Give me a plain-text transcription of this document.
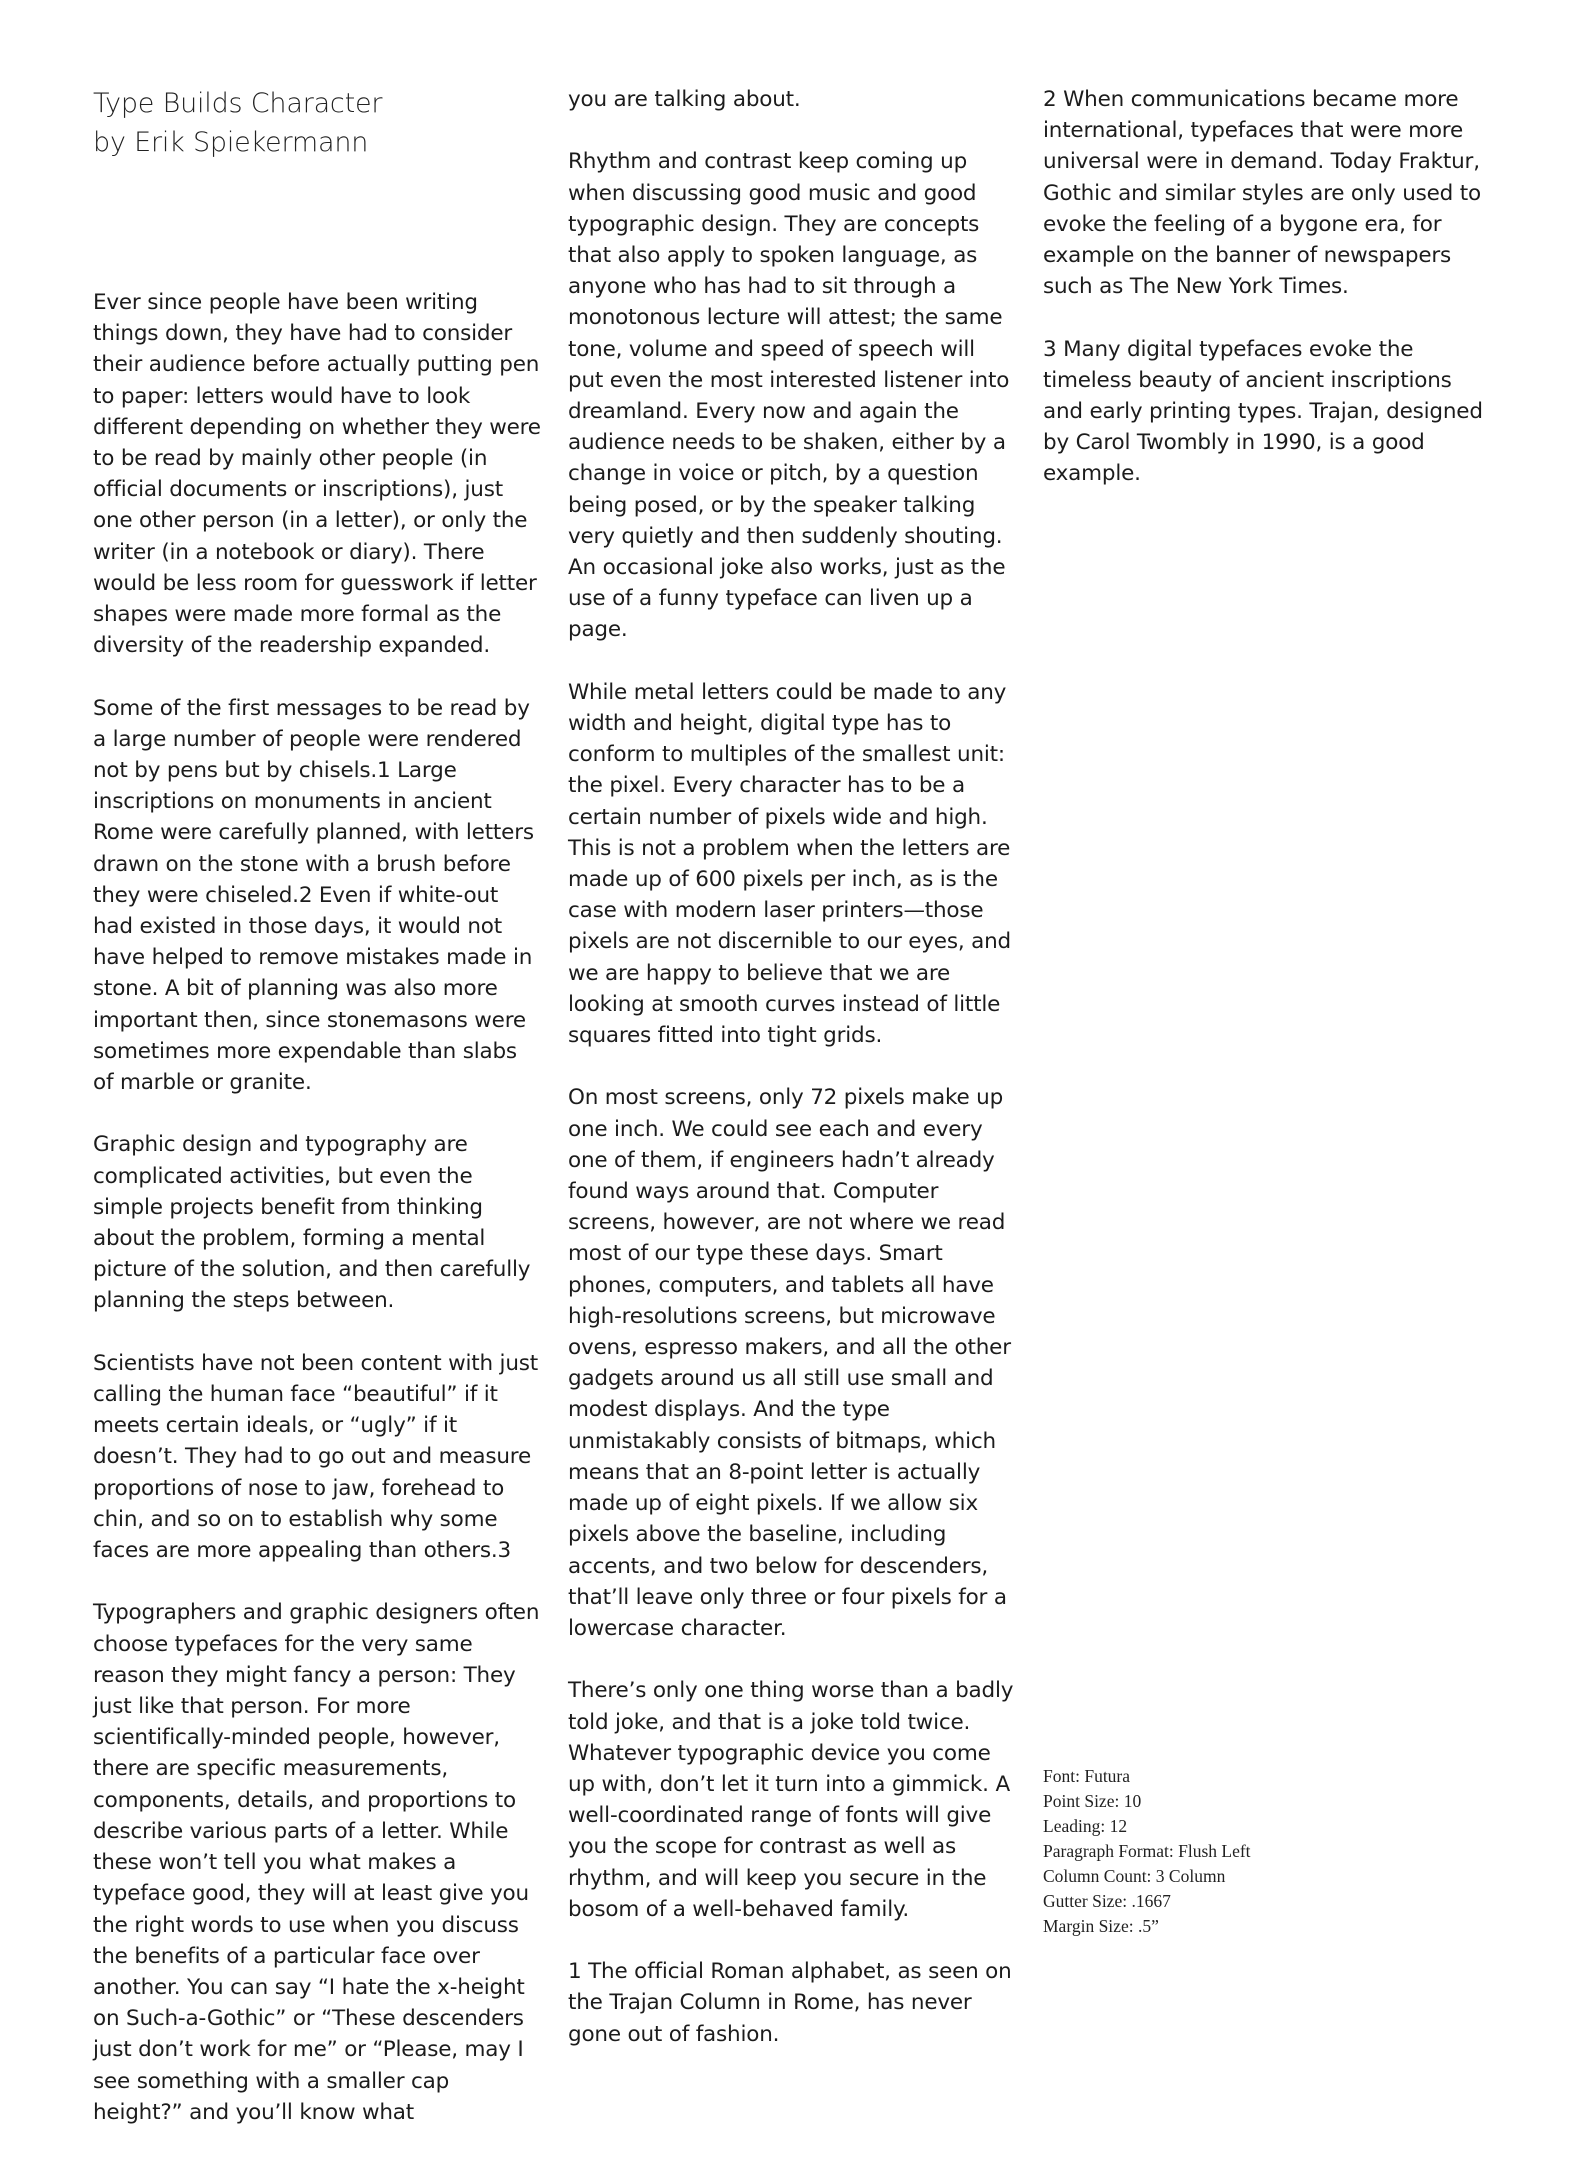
Type Builds Character
by Erik Spiekermann

Ever since people have been writing things down, they have had to consider their audience before actually putting pen to paper: letters would have to look different depending on whether they were to be read by mainly other people (in official documents or inscriptions), just one other person (in a letter), or only the writer (in a notebook or diary). There would be less room for guesswork if letter shapes were made more formal as the diversity of the readership expanded.

Some of the first messages to be read by a large number of people were rendered not by pens but by chisels.1 Large inscriptions on monuments in ancient Rome were carefully planned, with letters drawn on the stone with a brush before they were chiseled.2 Even if white-out had existed in those days, it would not have helped to remove mistakes made in stone. A bit of planning was also more important then, since stonemasons were sometimes more expendable than slabs of marble or granite.

Graphic design and typography are complicated activities, but even the simple projects benefit from thinking about the problem, forming a mental picture of the solution, and then carefully planning the steps between.

Scientists have not been content with just calling the human face “beautiful” if it meets certain ideals, or “ugly” if it doesn’t. They had to go out and measure proportions of nose to jaw, forehead to chin, and so on to establish why some faces are more appealing than others.3

Typographers and graphic designers often choose typefaces for the very same reason they might fancy a person: They just like that person. For more scientifically-minded people, however, there are specific measurements, components, details, and proportions to describe various parts of a letter. While these won’t tell you what makes a typeface good, they will at least give you the right words to use when you discuss the benefits of a particular face over another. You can say “I hate the x-height on Such-a-Gothic” or “These descenders just don’t work for me” or “Please, may I see something with a smaller cap height?” and you’ll know what

you are talking about.

Rhythm and contrast keep coming up when discussing good music and good typographic design. They are concepts that also apply to spoken language, as anyone who has had to sit through a monotonous lecture will attest; the same tone, volume and speed of speech will put even the most interested listener into dreamland. Every now and again the audience needs to be shaken, either by a change in voice or pitch, by a question being posed, or by the speaker talking very quietly and then suddenly shouting. An occasional joke also works, just as the use of a funny typeface can liven up a page.

While metal letters could be made to any width and height, digital type has to conform to multiples of the smallest unit: the pixel. Every character has to be a certain number of pixels wide and high. This is not a problem when the letters are made up of 600 pixels per inch, as is the case with modern laser printers—those pixels are not discernible to our eyes, and we are happy to believe that we are looking at smooth curves instead of little squares fitted into tight grids.

On most screens, only 72 pixels make up one inch. We could see each and every one of them, if engineers hadn’t already found ways around that. Computer screens, however, are not where we read most of our type these days. Smart phones, computers, and tablets all have high-resolutions screens, but microwave ovens, espresso makers, and all the other gadgets around us all still use small and modest displays. And the type unmistakably consists of bitmaps, which means that an 8-point letter is actually made up of eight pixels. If we allow six pixels above the baseline, including accents, and two below for descenders, that’ll leave only three or four pixels for a lowercase character.

There’s only one thing worse than a badly told joke, and that is a joke told twice. Whatever typographic device you come up with, don’t let it turn into a gimmick. A well-coordinated range of fonts will give you the scope for contrast as well as rhythm, and will keep you secure in the bosom of a well-behaved family.

1 The official Roman alphabet, as seen on the Trajan Column in Rome, has never gone out of fashion.

2 When communications became more international, typefaces that were more universal were in demand. Today Fraktur, Gothic and similar styles are only used to evoke the feeling of a bygone era, for example on the banner of newspapers such as The New York Times.

3 Many digital typefaces evoke the timeless beauty of ancient inscriptions and early printing types. Trajan, designed by Carol Twombly in 1990, is a good example.

Font: Futura
Point Size: 10
Leading: 12
Paragraph Format: Flush Left
Column Count: 3 Column
Gutter Size: .1667
Margin Size: .5”
